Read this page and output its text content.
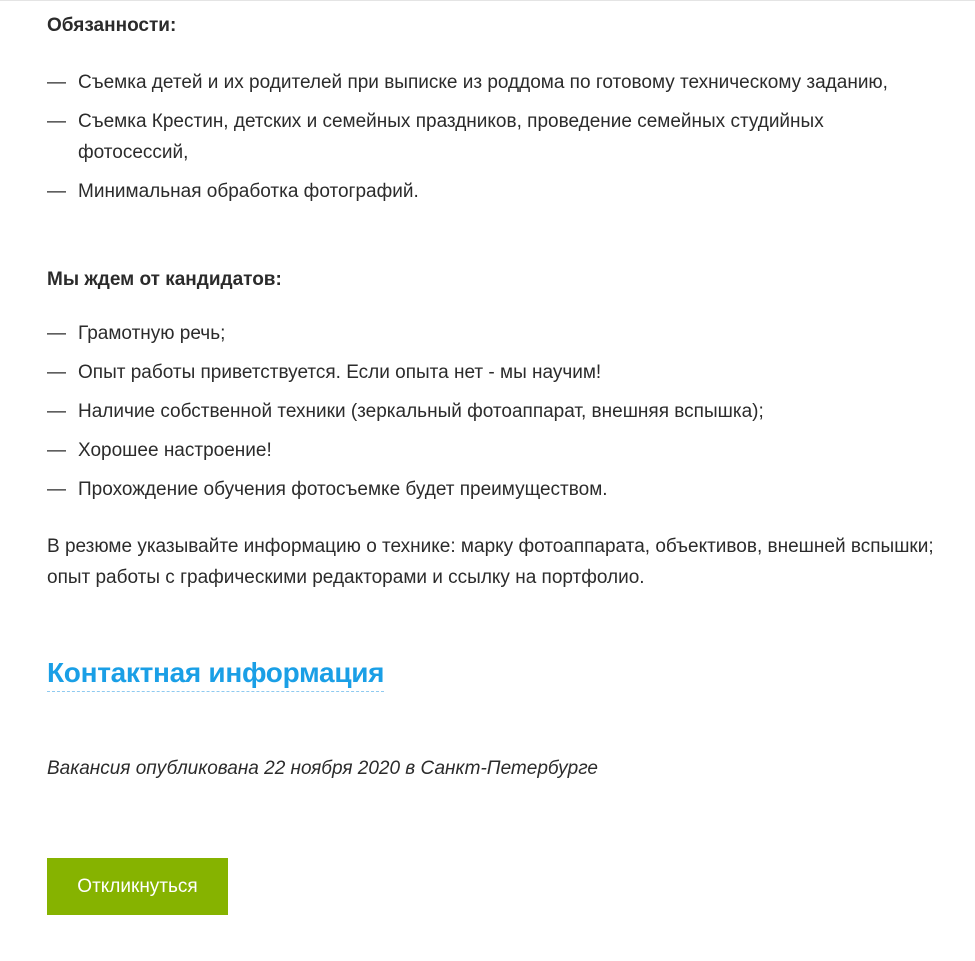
Обязанности:
— Съемка детей и их родителей при выписке из роддома по готовому техническому заданию,
— Съемка Крестин, детских и семейных праздников, проведение семейных студийных фотосессий,
— Минимальная обработка фотографий.
Мы ждем от кандидатов:
— Грамотную речь;
— Опыт работы приветствуется. Если опыта нет - мы научим!
— Наличие собственной техники (зеркальный фотоаппарат, внешняя вспышка);
— Хорошее настроение!
— Прохождение обучения фотосъемке будет преимуществом.

В резюме указывайте информацию о технике: марку фотоаппарата, объективов, внешней вспышки; опыт работы с графическими редакторами и ссылку на портфолио.

Контактная информация

Вакансия опубликована 22 ноября 2020 в Санкт-Петербурге

Откликнуться
